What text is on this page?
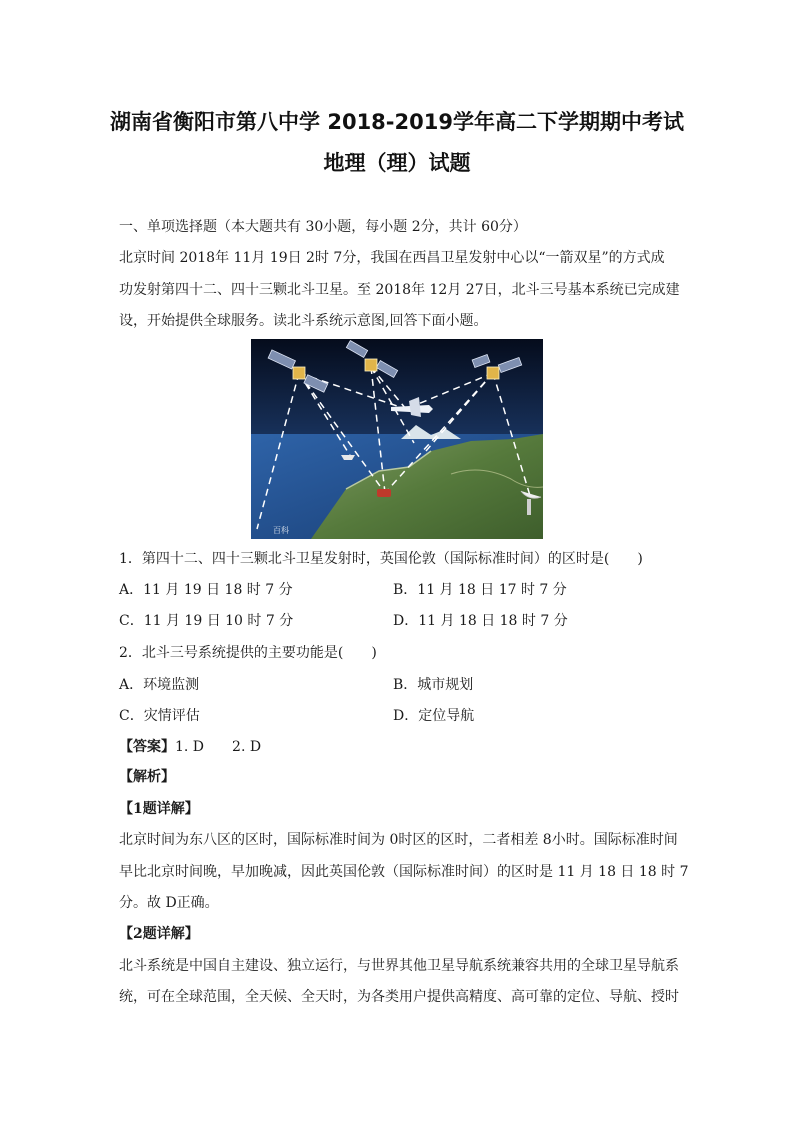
湖南省衡阳市第八中学 2018-2019学年高二下学期期中考试
地理（理）试题
一、单项选择题（本大题共有 30小题，每小题 2分，共计 60分）
北京时间 2018年 11月 19日 2时 7分，我国在西昌卫星发射中心以“一箭双星”的方式成
功发射第四十二、四十三颗北斗卫星。至 2018年 12月 27日，北斗三号基本系统已完成建
设，开始提供全球服务。读北斗系统示意图,回答下面小题。
百科
1．第四十二、四十三颗北斗卫星发射时，英国伦敦（国际标准时间）的区时是(　　)
A．11 月 19 日 18 时 7 分	B．11 月 18 日 17 时 7 分
C．11 月 19 日 10 时 7 分	D．11 月 18 日 18 时 7 分
2．北斗三号系统提供的主要功能是(　　)
A．环境监测	B．城市规划
C．灾情评估	D．定位导航
【答案】1. D　　2. D
【解析】
【1题详解】
北京时间为东八区的区时，国际标准时间为 0时区的区时，二者相差 8小时。国际标准时间
早比北京时间晚，早加晚减，因此英国伦敦（国际标准时间）的区时是 11 月 18 日 18 时 7
分。故 D正确。
【2题详解】
北斗系统是中国自主建设、独立运行，与世界其他卫星导航系统兼容共用的全球卫星导航系
统，可在全球范围，全天候、全天时，为各类用户提供高精度、高可靠的定位、导航、授时
